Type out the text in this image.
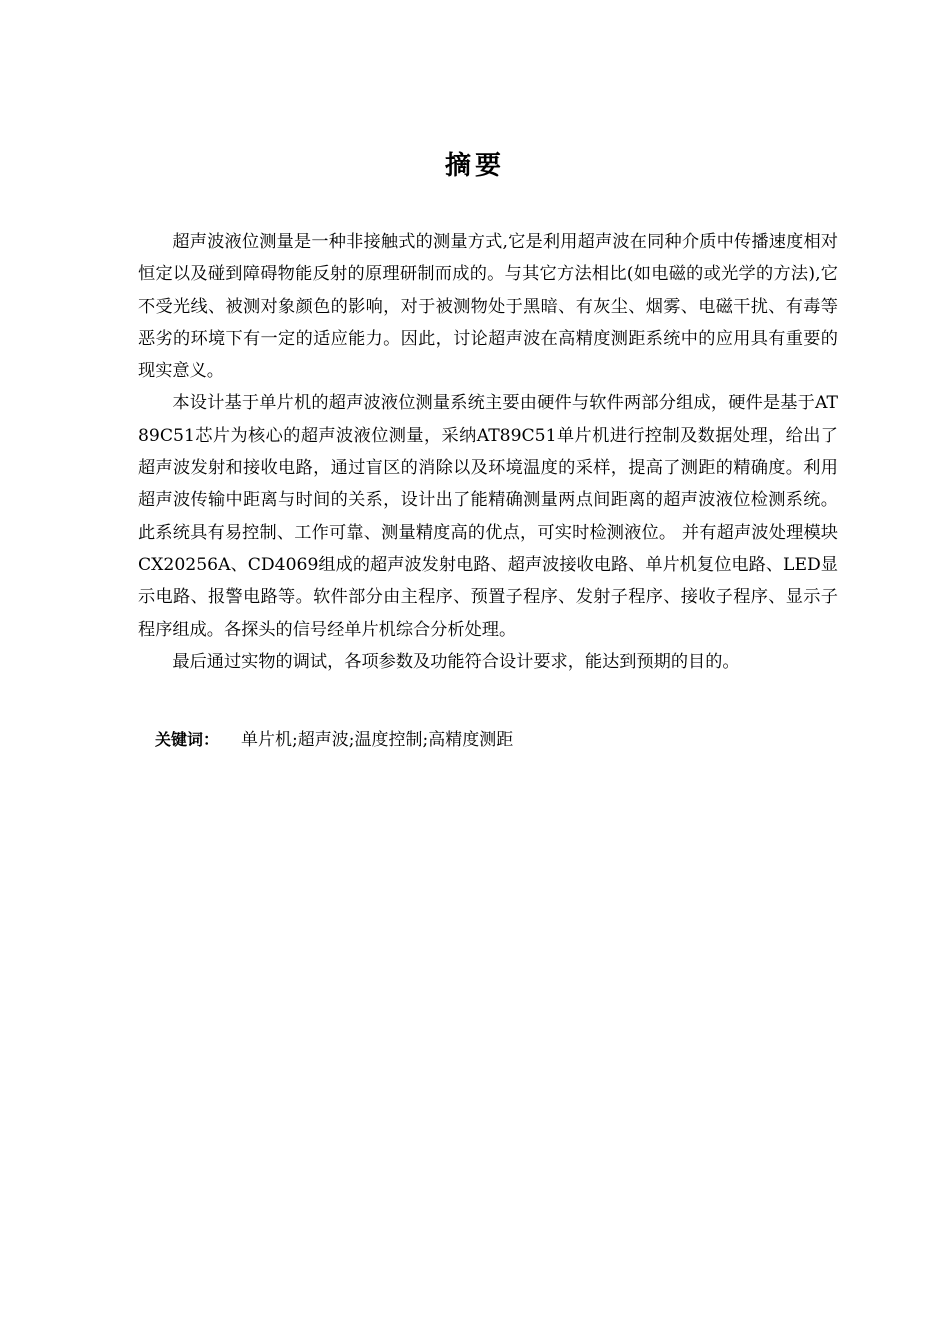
摘要

超声波液位测量是一种非接触式的测量方式,它是利用超声波在同种介质中传播速度相对恒定以及碰到障碍物能反射的原理研制而成的。与其它方法相比(如电磁的或光学的方法),它不受光线、被测对象颜色的影响，对于被测物处于黑暗、有灰尘、烟雾、电磁干扰、有毒等恶劣的环境下有一定的适应能力。因此，讨论超声波在高精度测距系统中的应用具有重要的现实意义。

本设计基于单片机的超声波液位测量系统主要由硬件与软件两部分组成，硬件是基于AT89C51芯片为核心的超声波液位测量，采纳AT89C51单片机进行控制及数据处理，给出了超声波发射和接收电路，通过盲区的消除以及环境温度的采样，提高了测距的精确度。利用超声波传输中距离与时间的关系，设计出了能精确测量两点间距离的超声波液位检测系统。此系统具有易控制、工作可靠、测量精度高的优点，可实时检测液位。 并有超声波处理模块CX20256A、CD4069组成的超声波发射电路、超声波接收电路、单片机复位电路、LED显示电路、报警电路等。软件部分由主程序、预置子程序、发射子程序、接收子程序、显示子程序组成。各探头的信号经单片机综合分析处理。

最后通过实物的调试，各项参数及功能符合设计要求，能达到预期的目的。

关键词： 单片机;超声波;温度控制;高精度测距
